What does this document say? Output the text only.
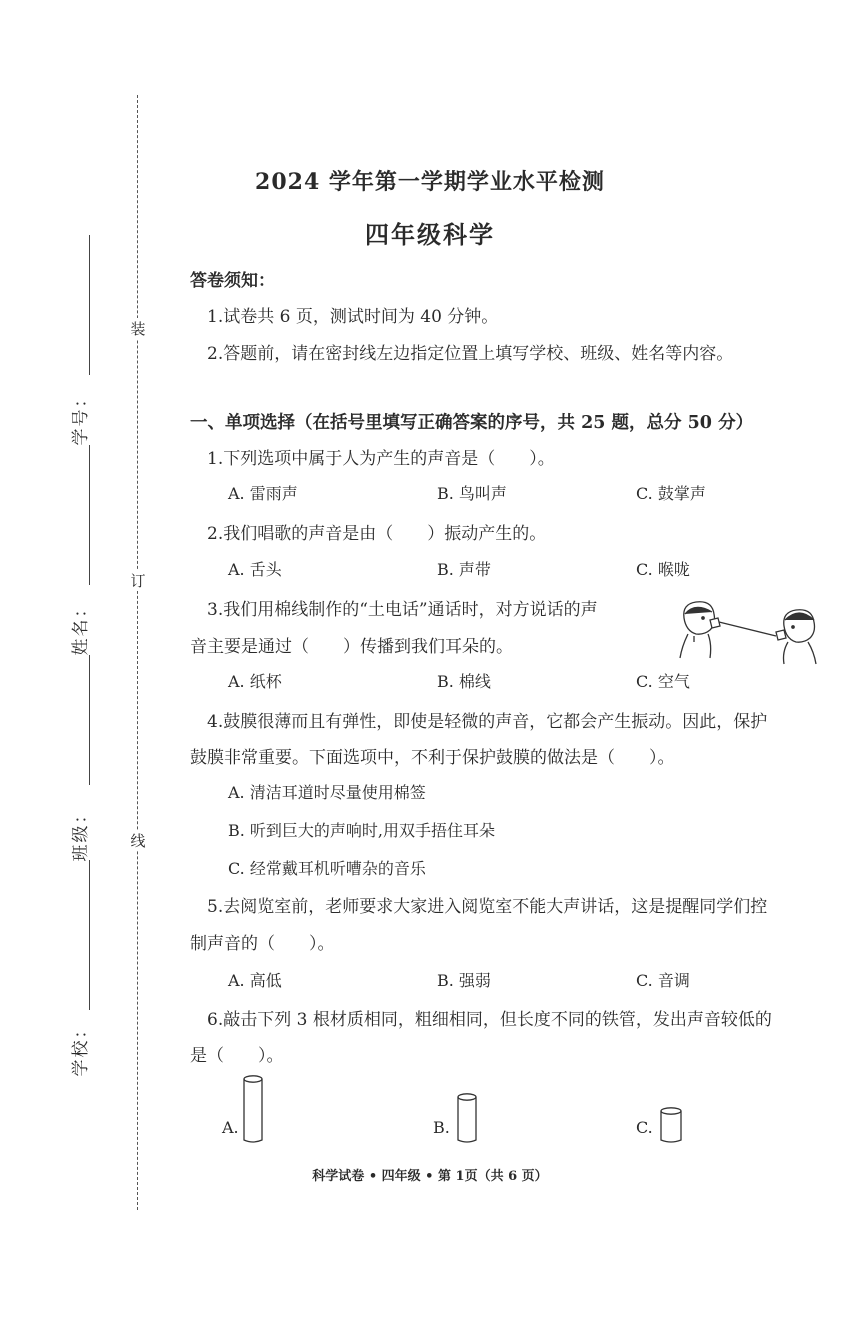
装
订
线
学号：
姓名：
班级：
学校：
2024 学年第一学期学业水平检测
四年级科学
答卷须知：
1.试卷共 6 页，测试时间为 40 分钟。
2.答题前，请在密封线左边指定位置上填写学校、班级、姓名等内容。
一、单项选择（在括号里填写正确答案的序号，共 25 题，总分 50 分）
1.下列选项中属于人为产生的声音是（　　）。
A. 雷雨声	B. 鸟叫声	C. 鼓掌声
2.我们唱歌的声音是由（　　）振动产生的。
A. 舌头	B. 声带	C. 喉咙
3.我们用棉线制作的“土电话”通话时，对方说话的声
音主要是通过（　　）传播到我们耳朵的。
A. 纸杯	B. 棉线	C. 空气
4.鼓膜很薄而且有弹性，即使是轻微的声音，它都会产生振动。因此，保护
鼓膜非常重要。下面选项中，不利于保护鼓膜的做法是（　　）。
A. 清洁耳道时尽量使用棉签
B. 听到巨大的声响时,用双手捂住耳朵
C. 经常戴耳机听嘈杂的音乐
5.去阅览室前，老师要求大家进入阅览室不能大声讲话，这是提醒同学们控
制声音的（　　）。
A. 高低	B. 强弱	C. 音调
6.敲击下列 3 根材质相同，粗细相同，但长度不同的铁管，发出声音较低的
是（　　）。
A.	B.	C.
科学试卷 • 四年级 • 第 1页（共 6 页）
